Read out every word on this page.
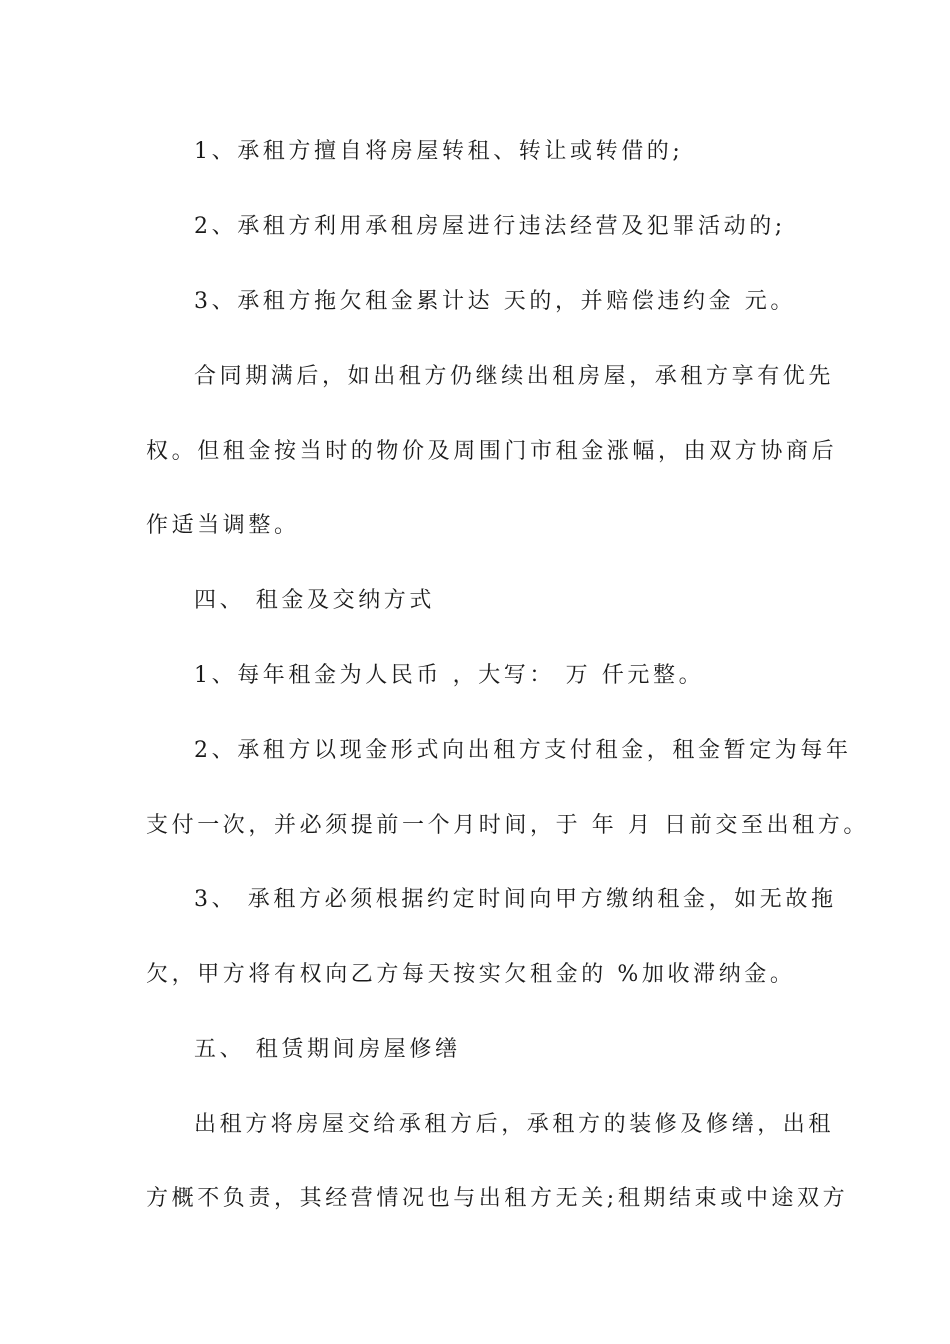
1、承租方擅自将房屋转租、转让或转借的;
2、承租方利用承租房屋进行违法经营及犯罪活动的;
3、承租方拖欠租金累计达 天的，并赔偿违约金 元。
合同期满后，如出租方仍继续出租房屋，承租方享有优先
权。但租金按当时的物价及周围门市租金涨幅，由双方协商后
作适当调整。
四、 租金及交纳方式
1、每年租金为人民币 ，大写： 万 仟元整。
2、承租方以现金形式向出租方支付租金，租金暂定为每年
支付一次，并必须提前一个月时间，于 年 月 日前交至出租方。
3、 承租方必须根据约定时间向甲方缴纳租金，如无故拖
欠，甲方将有权向乙方每天按实欠租金的 %加收滞纳金。
五、 租赁期间房屋修缮
出租方将房屋交给承租方后，承租方的装修及修缮，出租
方概不负责，其经营情况也与出租方无关;租期结束或中途双方
